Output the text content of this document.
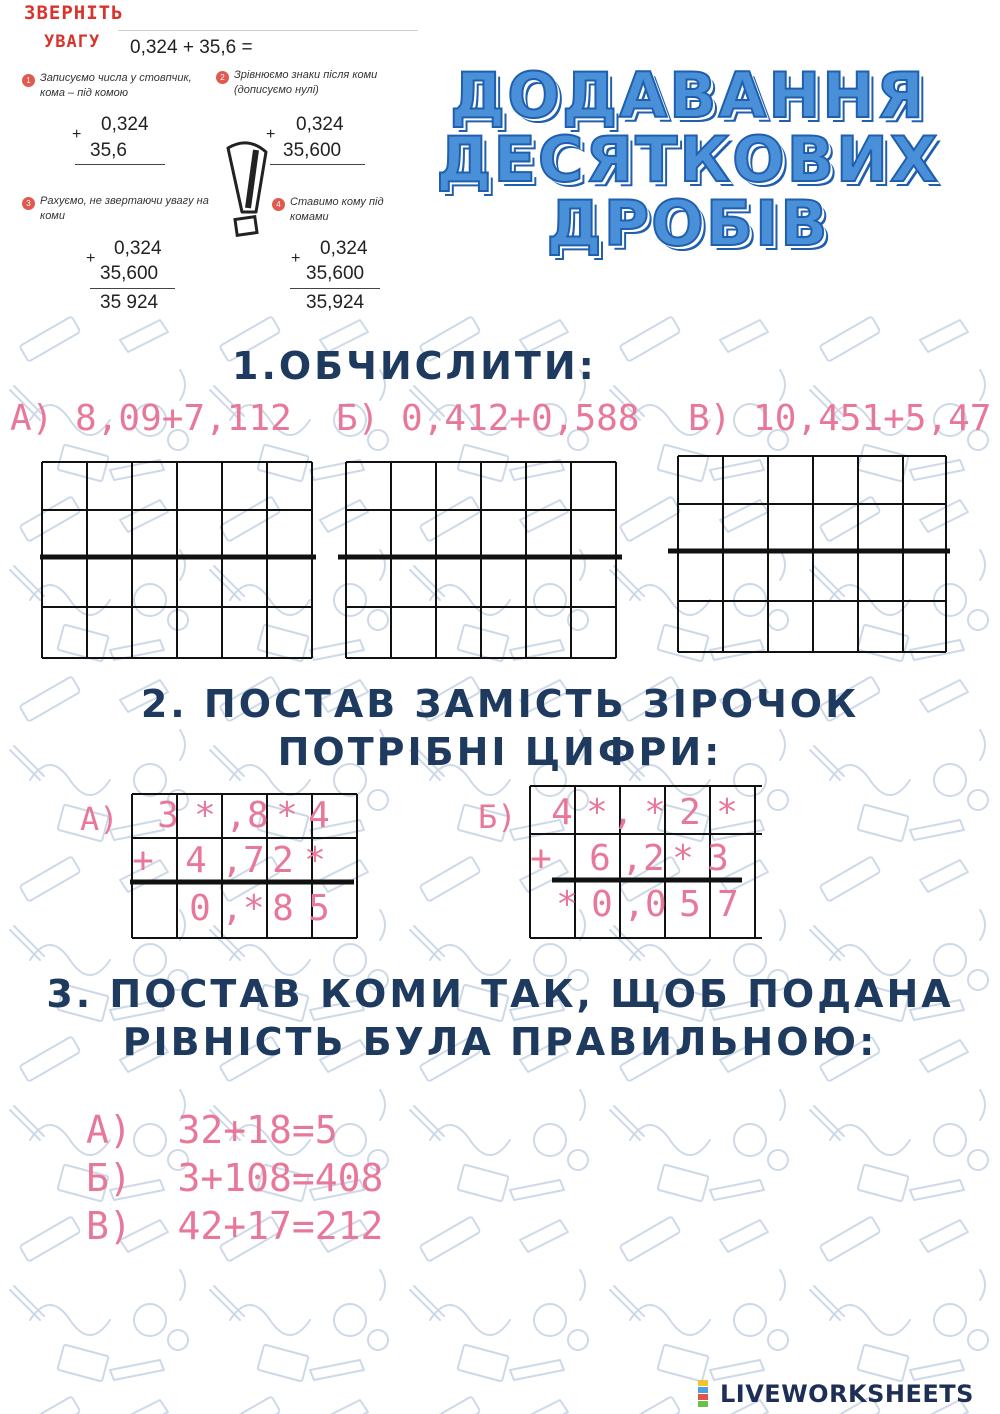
ЗВЕРНІТЬ
УВАГУ 0,324 + 35,6 =
1 Записуємо числа у стовпчик, кома – під комою
2 Зрівнюємо знаки після коми (дописуємо нулі)
+ 0,324
35,6
+ 0,324
35,600
3 Рахуємо, не звертаючи увагу на коми
4 Ставимо кому під комами
+ 0,324
35,600
35 924
+ 0,324
35,600
35,924
ДОДАВАННЯ
ДЕСЯТКОВИХ
ДРОБІВ
1.ОБЧИСЛИТИ:
А) 8,09+7,112 Б) 0,412+0,588 В) 10,451+5,47
2. ПОСТАВ ЗАМІСТЬ ЗІРОЧОК
ПОТРІБНІ ЦИФРИ:
А) 3 * ,8 * 4
+ 4 ,7 2 *
0 ,* 8 5
Б) 4 * , * 2 *
+ 6 ,2 * 3
* 0 ,0 5 7
3. ПОСТАВ КОМИ ТАК, ЩОБ ПОДАНА
РІВНІСТЬ БУЛА ПРАВИЛЬНОЮ:
А) 32+18=5
Б) 3+108=408
В) 42+17=212
LIVEWORKSHEETS
